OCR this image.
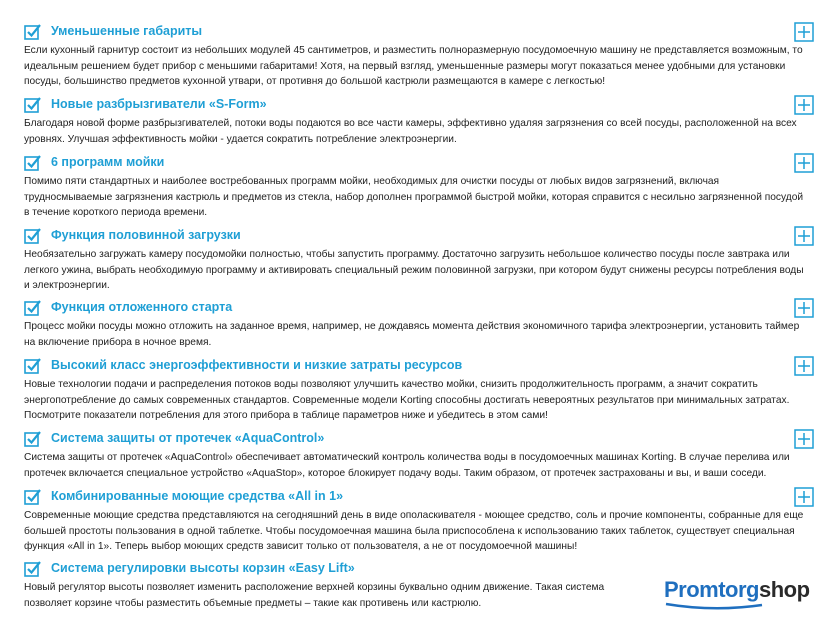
Уменьшенные габариты

Если кухонный гарнитур состоит из небольших модулей 45 сантиметров, и разместить полноразмерную посудомоечную машину не представляется возможным, то идеальным решением будет прибор с меньшими габаритами! Хотя, на первый взгляд, уменьшенные размеры могут показаться менее удобными для установки посуды, большинство предметов кухонной утвари, от противня до большой кастрюли размещаются в камере с легкостью!

Новые разбрызгиватели «S-Form»

Благодаря новой форме разбрызгивателей, потоки воды подаются во все части камеры, эффективно удаляя загрязнения со всей посуды, расположенной на всех уровнях. Улучшая эффективность мойки - удается сократить потребление электроэнергии.

6 программ мойки

Помимо пяти стандартных и наиболее востребованных программ мойки, необходимых для очистки посуды от любых видов загрязнений, включая трудносмываемые загрязнения кастрюль и предметов из стекла, набор дополнен программой быстрой мойки, которая справится с несильно загрязненной посудой в течение короткого периода времени.

Функция половинной загрузки

Необязательно загружать камеру посудомойки полностью, чтобы запустить программу. Достаточно загрузить небольшое количество посуды после завтрака или легкого ужина, выбрать необходимую программу и активировать специальный режим половинной загрузки, при котором будут снижены ресурсы потребления воды и электроэнергии.

Функция отложенного старта

Процесс мойки посуды можно отложить на заданное время, например, не дождавясь момента действия экономичного тарифа электроэнергии, установить таймер на включение прибора в ночное время.

Высокий класс энергоэффективности и низкие затраты ресурсов

Новые технологии подачи и распределения потоков воды позволяют улучшить качество мойки, снизить продолжительность программ, а значит сократить энергопотребление до самых современных стандартов. Современные модели Korting способны достигать невероятных результатов при минимальных затратах. Посмотрите показатели потребления для этого прибора в таблице параметров ниже и убедитесь в этом сами!

Система защиты от протечек «AquaControl»

Система защиты от протечек «AquaControl» обеспечивает автоматический контроль количества воды в посудомоечных машинах Korting. В случае перелива или протечек включается специальное устройство «AquaStop», которое блокирует подачу воды. Таким образом, от протечек застрахованы и вы, и ваши соседи.

Комбинированные моющие средства «All in 1»

Современные моющие средства представляются на сегодняшний день в виде ополаскивателя - моющее средство, соль и прочие компоненты, собранные для еще большей простоты пользования в одной таблетке. Чтобы посудомоечная машина была приспособлена к использованию таких таблеток, существует специальная функция «All in 1». Теперь выбор моющих средств зависит только от пользователя, а не от посудомоечной машины!

Система регулировки высоты корзин «Easy Lift»

Новый регулятор высоты позволяет изменить расположение верхней корзины буквально одним движение. Такая система позволяет корзине чтобы разместить объемные предметы – такие как противень или кастрюлю.

Promtorgshop
